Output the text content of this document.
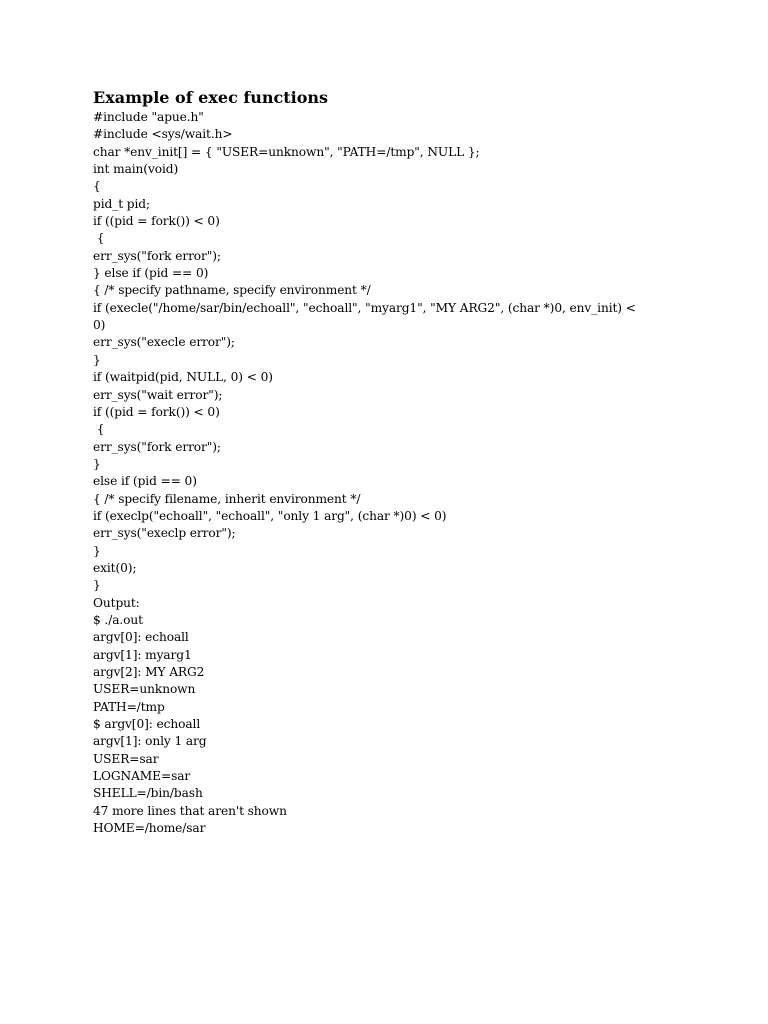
Example of exec functions
#include "apue.h"
#include <sys/wait.h>
char *env_init[] = { "USER=unknown", "PATH=/tmp", NULL };
int main(void)
{
pid_t pid;
if ((pid = fork()) < 0)
{
err_sys("fork error");
} else if (pid == 0)
{ /* specify pathname, specify environment */
if (execle("/home/sar/bin/echoall", "echoall", "myarg1", "MY ARG2", (char *)0, env_init) <
0)
err_sys("execle error");
}
if (waitpid(pid, NULL, 0) < 0)
err_sys("wait error");
if ((pid = fork()) < 0)
{
err_sys("fork error");
}
else if (pid == 0)
{ /* specify filename, inherit environment */
if (execlp("echoall", "echoall", "only 1 arg", (char *)0) < 0)
err_sys("execlp error");
}
exit(0);
}
Output:
$ ./a.out
argv[0]: echoall
argv[1]: myarg1
argv[2]: MY ARG2
USER=unknown
PATH=/tmp
$ argv[0]: echoall
argv[1]: only 1 arg
USER=sar
LOGNAME=sar
SHELL=/bin/bash
47 more lines that aren't shown
HOME=/home/sar
